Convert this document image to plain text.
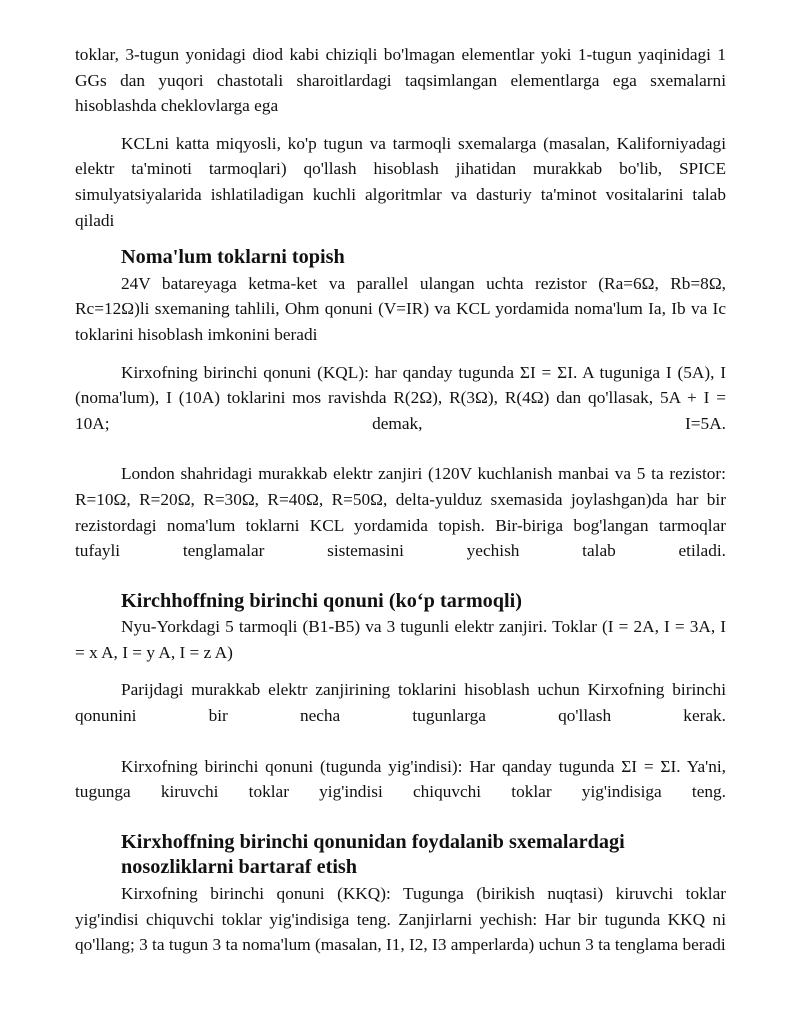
toklar, 3-tugun yonidagi diod kabi chiziqli bo'lmagan elementlar yoki 1-tugun yaqinidagi 1 GGs dan yuqori chastotali sharoitlardagi taqsimlangan elementlarga ega sxemalarni hisoblashda cheklovlarga ega

KCLni katta miqyosli, ko'p tugun va tarmoqli sxemalarga (masalan, Kaliforniyadagi elektr ta'minoti tarmoqlari) qo'llash hisoblash jihatidan murakkab bo'lib, SPICE simulyatsiyalarida ishlatiladigan kuchli algoritmlar va dasturiy ta'minot vositalarini talab qiladi

Noma'lum toklarni topish

24V batareyaga ketma-ket va parallel ulangan uchta rezistor (Ra=6Ω, Rb=8Ω, Rc=12Ω)li sxemaning tahlili, Ohm qonuni (V=IR) va KCL yordamida noma'lum Ia, Ib va Ic toklarini hisoblash imkonini beradi

Kirxofning birinchi qonuni (KQL): har qanday tugunda ΣI = ΣI. A tuguniga I (5A), I (noma'lum), I (10A) toklarini mos ravishda R(2Ω), R(3Ω), R(4Ω) dan qo'llasak, 5A + I = 10A; demak, I=5A.

London shahridagi murakkab elektr zanjiri (120V kuchlanish manbai va 5 ta rezistor: R=10Ω, R=20Ω, R=30Ω, R=40Ω, R=50Ω, delta-yulduz sxemasida joylashgan)da har bir rezistordagi noma'lum toklarni KCL yordamida topish. Bir-biriga bog'langan tarmoqlar tufayli tenglamalar sistemasini yechish talab etiladi.

Kirchhoffning birinchi qonuni (ko‘p tarmoqli)

Nyu-Yorkdagi 5 tarmoqli (B1-B5) va 3 tugunli elektr zanjiri. Toklar (I = 2A, I = 3A, I = x A, I = y A, I = z A)

Parijdagi murakkab elektr zanjirining toklarini hisoblash uchun Kirxofning birinchi qonunini bir necha tugunlarga qo'llash kerak.

Kirxofning birinchi qonuni (tugunda yig'indisi): Har qanday tugunda ΣI = ΣI. Ya'ni, tugunga kiruvchi toklar yig'indisi chiquvchi toklar yig'indisiga teng.

Kirxhoffning birinchi qonunidan foydalanib sxemalardagi nosozliklarni bartaraf etish

Kirxofning birinchi qonuni (KKQ): Tugunga (birikish nuqtasi) kiruvchi toklar yig'indisi chiquvchi toklar yig'indisiga teng. Zanjirlarni yechish: Har bir tugunda KKQ ni qo'llang; 3 ta tugun 3 ta noma'lum (masalan, I1, I2, I3 amperlarda) uchun 3 ta tenglama beradi
